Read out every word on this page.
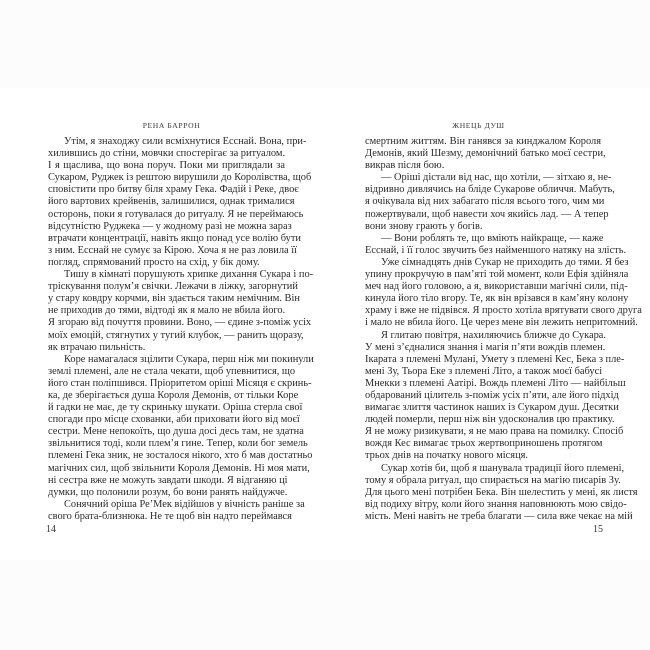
РЕНА БАРРОН
Утім, я знаходжу сили всміхнутися Есснай. Вона, при-
хилившись до стіни, мовчки спостерігає за ритуалом.
І я щаслива, що вона поруч. Поки ми приглядали за
Сукаром, Руджек із рештою вирушили до Королівства, щоб
сповістити про битву біля храму Гека. Фадій і Реке, двоє
його вартових крейвенів, залишилися, однак трималися
осторонь, поки я готувалася до ритуалу. Я не переймаюсь
відсутністю Руджека — у жодному разі не можна зараз
втрачати концентрації, навіть якщо понад усе волію бути
з ним. Есснай не сумує за Кірою. Хоча я не раз ловила її
погляд, спрямований просто на схід, у бік дому.
Тишу в кімнаті порушують хрипке дихання Сукара і по-
тріскування полум’я свічки. Лежачи в ліжку, загорнутий
у стару ковдру корчми, він здається таким немічним. Він
не приходив до тями, відтоді як я мало не вбила його.
Я згораю від почуття провини. Воно, — єдине з-поміж усіх
моїх емоцій, стягнутих у тугий клубок, — ранить щоразу,
як втрачаю пильність.
Коре намагалася зцілити Сукара, перш ніж ми покинули
землі племені, але не стала чекати, щоб упевнитися, що
його стан поліпшився. Пріоритетом оріші Місяця є скринь-
ка, де зберігається душа Короля Демонів, от тільки Коре
й гадки не має, де ту скриньку шукати. Оріша стерла свої
спогади про місце схованки, аби приховати його від моєї
сестри. Мене непокоїть, що душа досі десь там, не здатна
звільнитися тоді, коли плем’я гине. Тепер, коли бог земель
племені Гека зник, не зосталося нікого, хто б мав достатньо
магічних сил, щоб звільнити Короля Демонів. Ні моя мати,
ні сестра вже не можуть завдати шкоди. Я відганяю ці
думки, що полонили розум, бо вони ранять найдужче.
Сонячний оріша Ре’Мек відійшов у вічність раніше за
свого брата-близнюка. Не те щоб він надто переймався
14
ЖНЕЦЬ ДУШ
смертним життям. Він ганявся за кинджалом Короля
Демонів, який Шезму, демонічний батько моєї сестри,
викрав після бою.
— Оріші дістали від нас, що хотіли, — зітхаю я, не-
відривно дивлячись на бліде Сукарове обличчя. Мабуть,
я очікувала від них забагато після всього того, чим ми
пожертвували, щоб навести хоч якийсь лад. — А тепер
вони знову грають у богів.
— Вони роблять те, що вміють найкраще, — каже
Есснай, і її голос звучить без найменшого натяку на злість.
Уже сімнадцять днів Сукар не приходить до тями. Я без
упину прокручую в пам’яті той момент, коли Ефія здійняла
меч над його головою, а я, використавши магічні сили, під-
кинула його тіло вгору. Те, як він врізався в кам’яну колону
храму і вже не підвівся. Я просто хотіла врятувати свого друга
і мало не вбила його. Це через мене він лежить непритомний.
Я глитаю повітря, нахиляючись ближче до Сукара.
У мені з’єдналися знання і магія п’яти вождів племен.
Ікарата з племені Мулані, Умету з племені Кес, Бека з пле-
мені Зу, Тьора Еке з племені Літо, а також моєї бабусі
Мнекки з племені Аатірі. Вождь племені Літо — найбільш
обдарований цілитель з-поміж усіх п’яти, але його підхід
вимагає злиття частинок наших із Сукаром душ. Десятки
людей померли, перш ніж він удосконалив цю практику.
Я не можу ризикувати, я не маю права на помилку. Спосіб
вождя Кес вимагає трьох жертвоприношень протягом
трьох днів на початку нового місяця.
Сукар хотів би, щоб я шанувала традиції його племені,
тому я обрала ритуал, що спирається на магію писарів Зу.
Для цього мені потрібен Бека. Він шелестить у мені, як листя
від подиху вітру, коли його знання наповнюють мою свідо-
мість. Мені навіть не треба благати — сила вже чекає на мій
15
